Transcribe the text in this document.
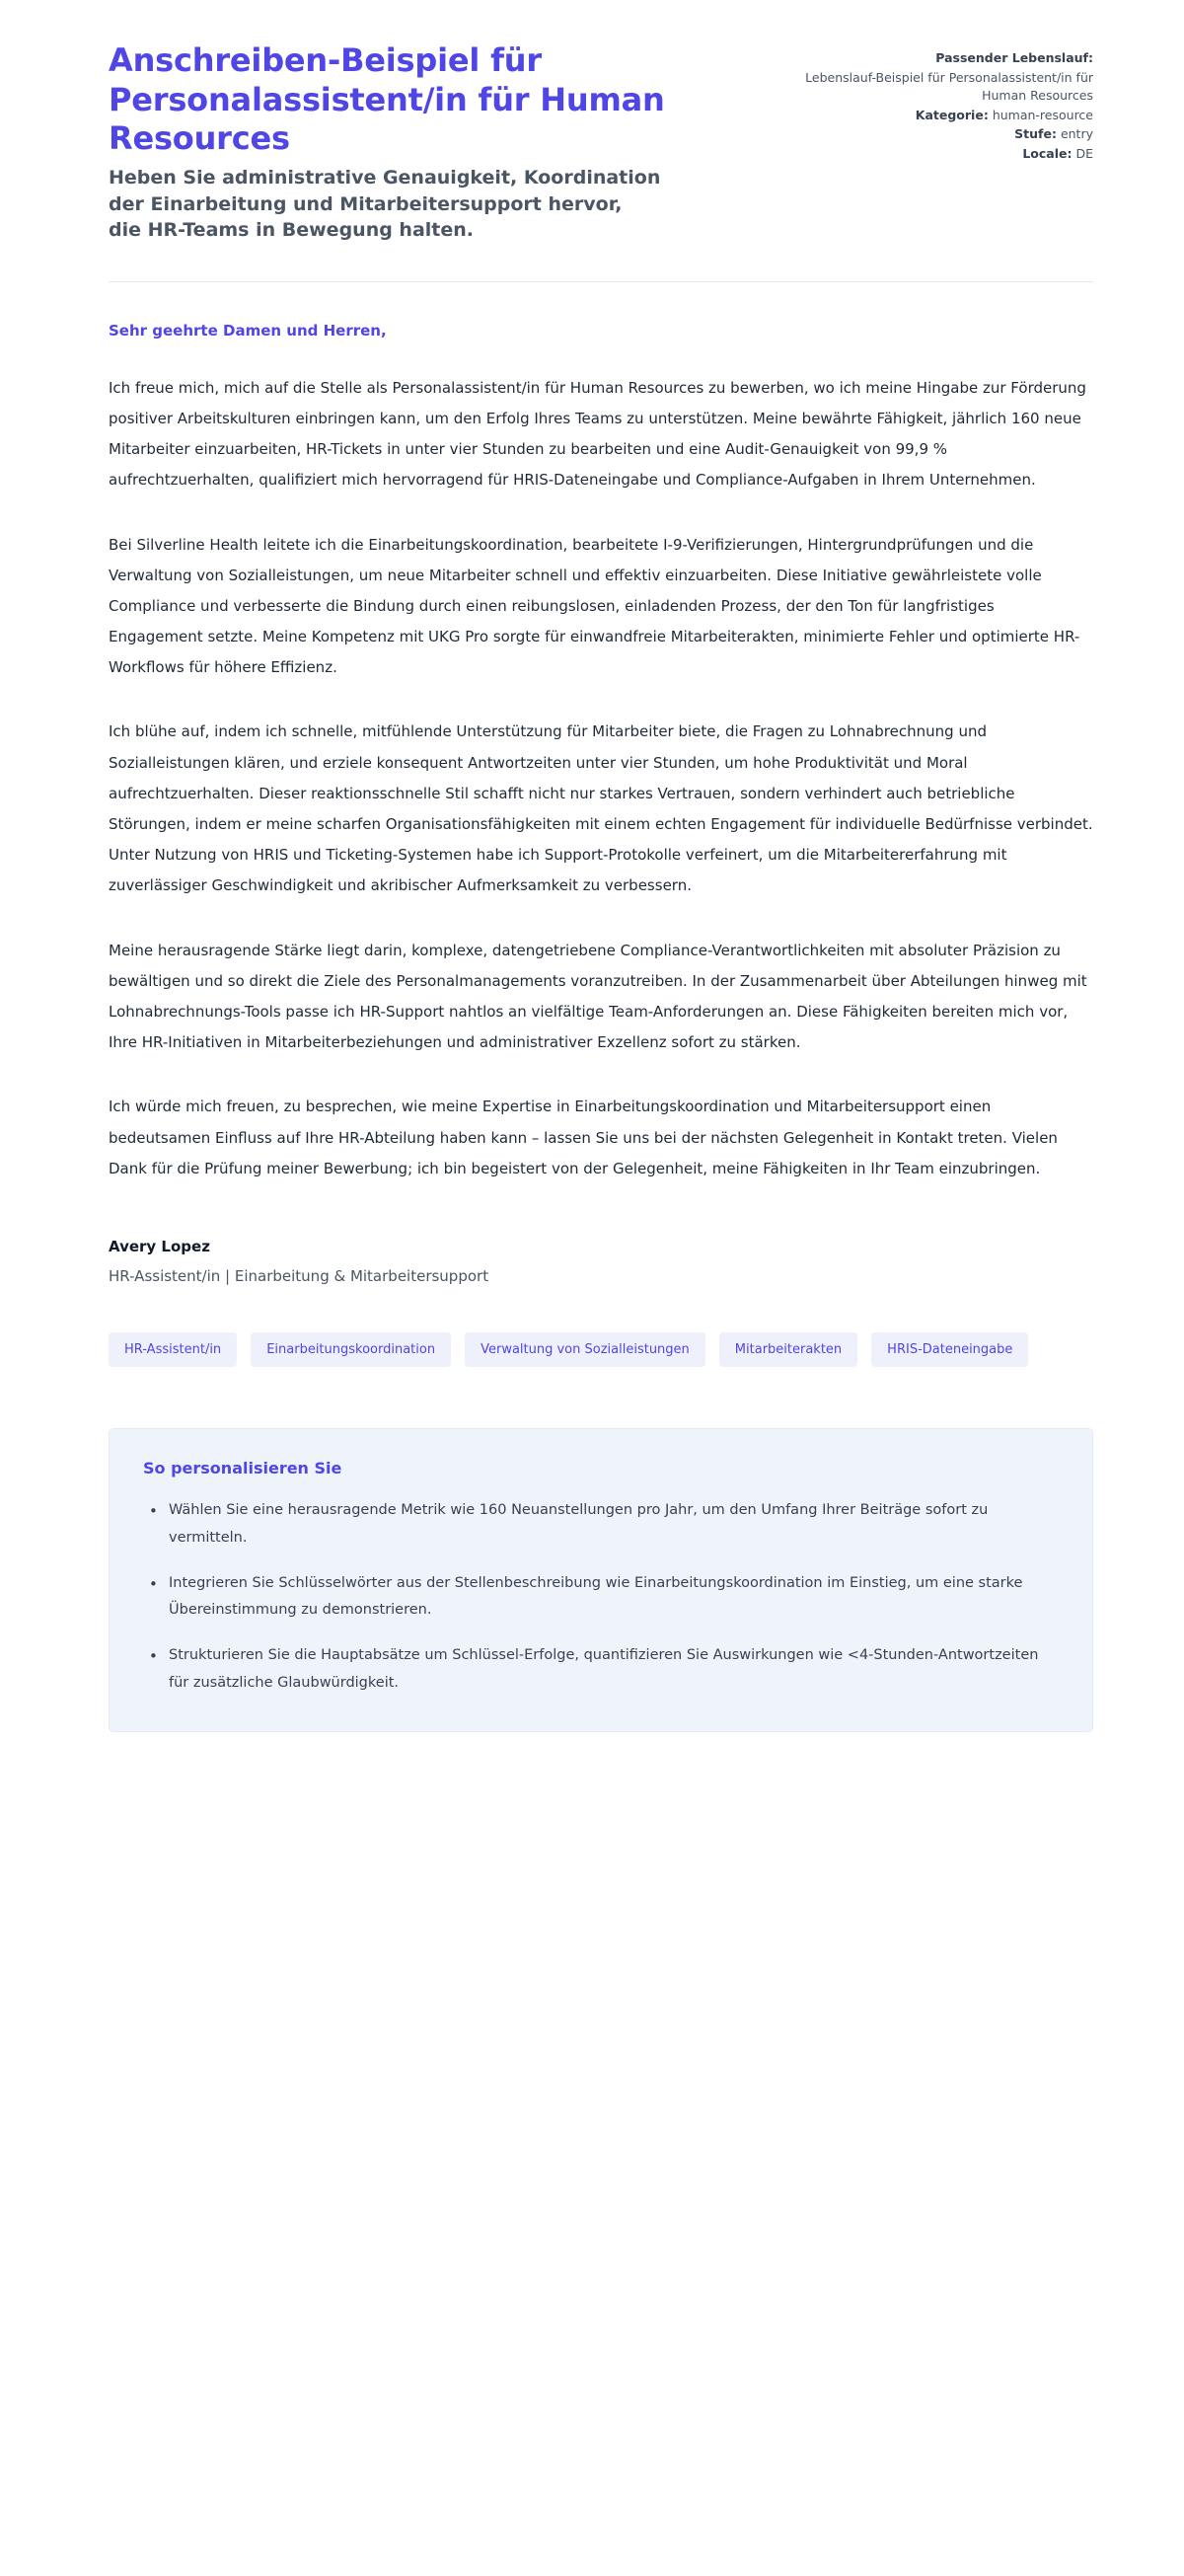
Anschreiben-Beispiel für Personalassistent/in für Human Resources

Heben Sie administrative Genauigkeit, Koordination der Einarbeitung und Mitarbeitersupport hervor, die HR-Teams in Bewegung halten.

Passender Lebenslauf:
Lebenslauf-Beispiel für Personalassistent/in für Human Resources
Kategorie: human-resource
Stufe: entry
Locale: DE

Sehr geehrte Damen und Herren,

Ich freue mich, mich auf die Stelle als Personalassistent/in für Human Resources zu bewerben, wo ich meine Hingabe zur Förderung positiver Arbeitskulturen einbringen kann, um den Erfolg Ihres Teams zu unterstützen. Meine bewährte Fähigkeit, jährlich 160 neue Mitarbeiter einzuarbeiten, HR-Tickets in unter vier Stunden zu bearbeiten und eine Audit-Genauigkeit von 99,9 % aufrechtzuerhalten, qualifiziert mich hervorragend für HRIS-Dateneingabe und Compliance-Aufgaben in Ihrem Unternehmen.

Bei Silverline Health leitete ich die Einarbeitungskoordination, bearbeitete I-9-Verifizierungen, Hintergrundprüfungen und die Verwaltung von Sozialleistungen, um neue Mitarbeiter schnell und effektiv einzuarbeiten. Diese Initiative gewährleistete volle Compliance und verbesserte die Bindung durch einen reibungslosen, einladenden Prozess, der den Ton für langfristiges Engagement setzte. Meine Kompetenz mit UKG Pro sorgte für einwandfreie Mitarbeiterakten, minimierte Fehler und optimierte HR-Workflows für höhere Effizienz.

Ich blühe auf, indem ich schnelle, mitfühlende Unterstützung für Mitarbeiter biete, die Fragen zu Lohnabrechnung und Sozialleistungen klären, und erziele konsequent Antwortzeiten unter vier Stunden, um hohe Produktivität und Moral aufrechtzuerhalten. Dieser reaktionsschnelle Stil schafft nicht nur starkes Vertrauen, sondern verhindert auch betriebliche Störungen, indem er meine scharfen Organisationsfähigkeiten mit einem echten Engagement für individuelle Bedürfnisse verbindet. Unter Nutzung von HRIS und Ticketing-Systemen habe ich Support-Protokolle verfeinert, um die Mitarbeitererfahrung mit zuverlässiger Geschwindigkeit und akribischer Aufmerksamkeit zu verbessern.

Meine herausragende Stärke liegt darin, komplexe, datengetriebene Compliance-Verantwortlichkeiten mit absoluter Präzision zu bewältigen und so direkt die Ziele des Personalmanagements voranzutreiben. In der Zusammenarbeit über Abteilungen hinweg mit Lohnabrechnungs-Tools passe ich HR-Support nahtlos an vielfältige Team-Anforderungen an. Diese Fähigkeiten bereiten mich vor, Ihre HR-Initiativen in Mitarbeiterbeziehungen und administrativer Exzellenz sofort zu stärken.

Ich würde mich freuen, zu besprechen, wie meine Expertise in Einarbeitungskoordination und Mitarbeitersupport einen bedeutsamen Einfluss auf Ihre HR-Abteilung haben kann – lassen Sie uns bei der nächsten Gelegenheit in Kontakt treten. Vielen Dank für die Prüfung meiner Bewerbung; ich bin begeistert von der Gelegenheit, meine Fähigkeiten in Ihr Team einzubringen.

Avery Lopez

HR-Assistent/in | Einarbeitung & Mitarbeitersupport

HR-Assistent/in	Einarbeitungskoordination	Verwaltung von Sozialleistungen	Mitarbeiterakten	HRIS-Dateneingabe
So personalisieren Sie
• Wählen Sie eine herausragende Metrik wie 160 Neuanstellungen pro Jahr, um den Umfang Ihrer Beiträge sofort zu vermitteln.
• Integrieren Sie Schlüsselwörter aus der Stellenbeschreibung wie Einarbeitungskoordination im Einstieg, um eine starke Übereinstimmung zu demonstrieren.
• Strukturieren Sie die Hauptabsätze um Schlüssel-Erfolge, quantifizieren Sie Auswirkungen wie <4-Stunden-Antwortzeiten für zusätzliche Glaubwürdigkeit.
